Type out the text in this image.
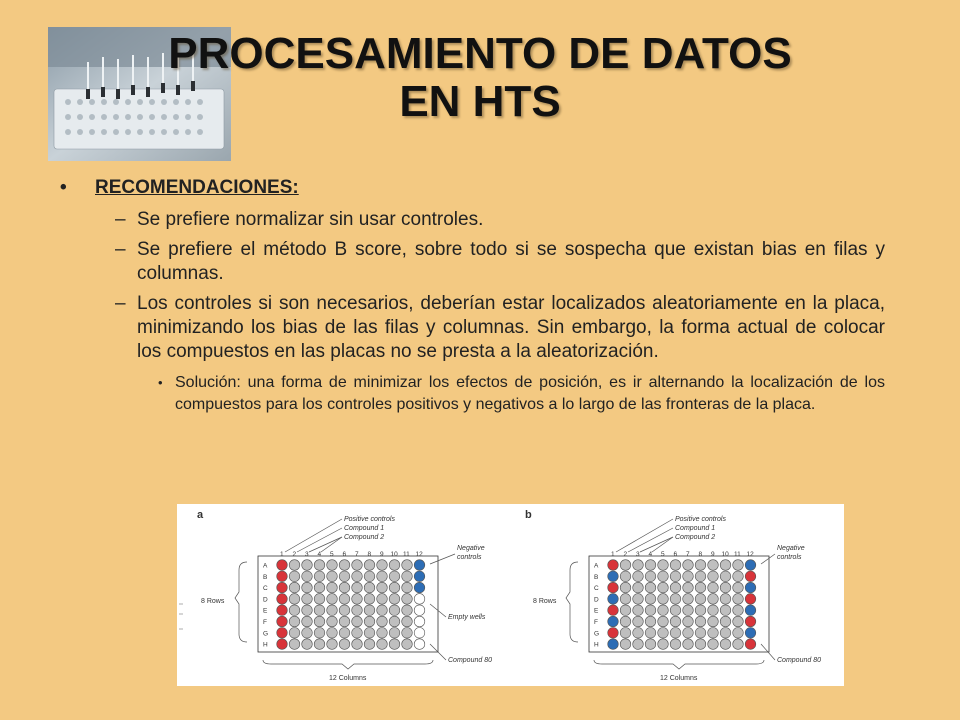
PROCESAMIENTO DE DATOS
EN HTS
• RECOMENDACIONES:
– Se prefiere normalizar sin usar controles.
– Se prefiere el método B score, sobre todo si se sospecha que existan bias en filas y columnas.
– Los controles si son necesarios, deberían estar localizados aleatoriamente en la placa, minimizando los bias de las filas y columnas. Sin embargo, la forma actual de colocar los compuestos en las placas no se presta a la aleatorización.
• Solución: una forma de minimizar los efectos de posición, es ir alternando la localización de los compuestos para los controles positivos y negativos a lo largo de las fronteras de la placa.
a	Positive controls
Compound 1
Compound 2
Negative
controls
Empty wells
Compound 80
8 Rows
12 Columns
1 2 3 4 5 6 7 8 9 10 11 12
A
B
C
D
E
F
G
H
b	Positive controls
Compound 1
Compound 2
Negative
controls
Compound 80
8 Rows
12 Columns
1 2 3 4 5 6 7 8 9 10 11 12
A
B
C
D
E
F
G
H
